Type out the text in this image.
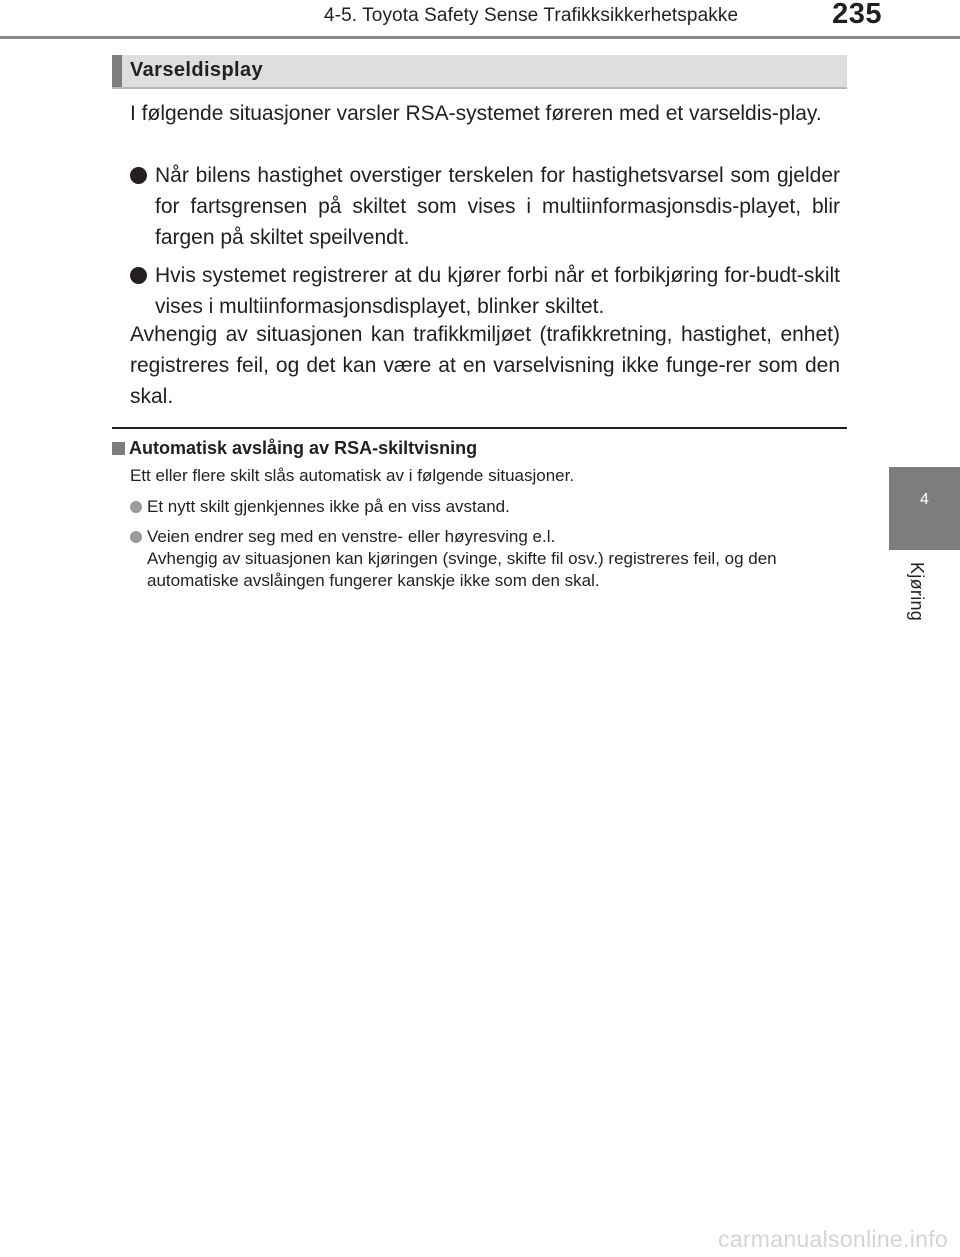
4-5. Toyota Safety Sense Trafikksikkerhetspakke	235
4
Kjøring
Varseldisplay

I følgende situasjoner varsler RSA-systemet føreren med et varseldis-play.

Når bilens hastighet overstiger terskelen for hastighetsvarsel som gjelder for fartsgrensen på skiltet som vises i multiinformasjonsdis-playet, blir fargen på skiltet speilvendt.
Hvis systemet registrerer at du kjører forbi når et forbikjøring for-budt-skilt vises i multiinformasjonsdisplayet, blinker skiltet.

Avhengig av situasjonen kan trafikkmiljøet (trafikkretning, hastighet, enhet) registreres feil, og det kan være at en varselvisning ikke funge-rer som den skal.

Automatisk avslåing av RSA-skiltvisning

Ett eller flere skilt slås automatisk av i følgende situasjoner.

Et nytt skilt gjenkjennes ikke på en viss avstand.
Veien endrer seg med en venstre- eller høyresving e.l.
Avhengig av situasjonen kan kjøringen (svinge, skifte fil osv.) registreres feil, og den automatiske avslåingen fungerer kanskje ikke som den skal.
carmanualsonline.info
